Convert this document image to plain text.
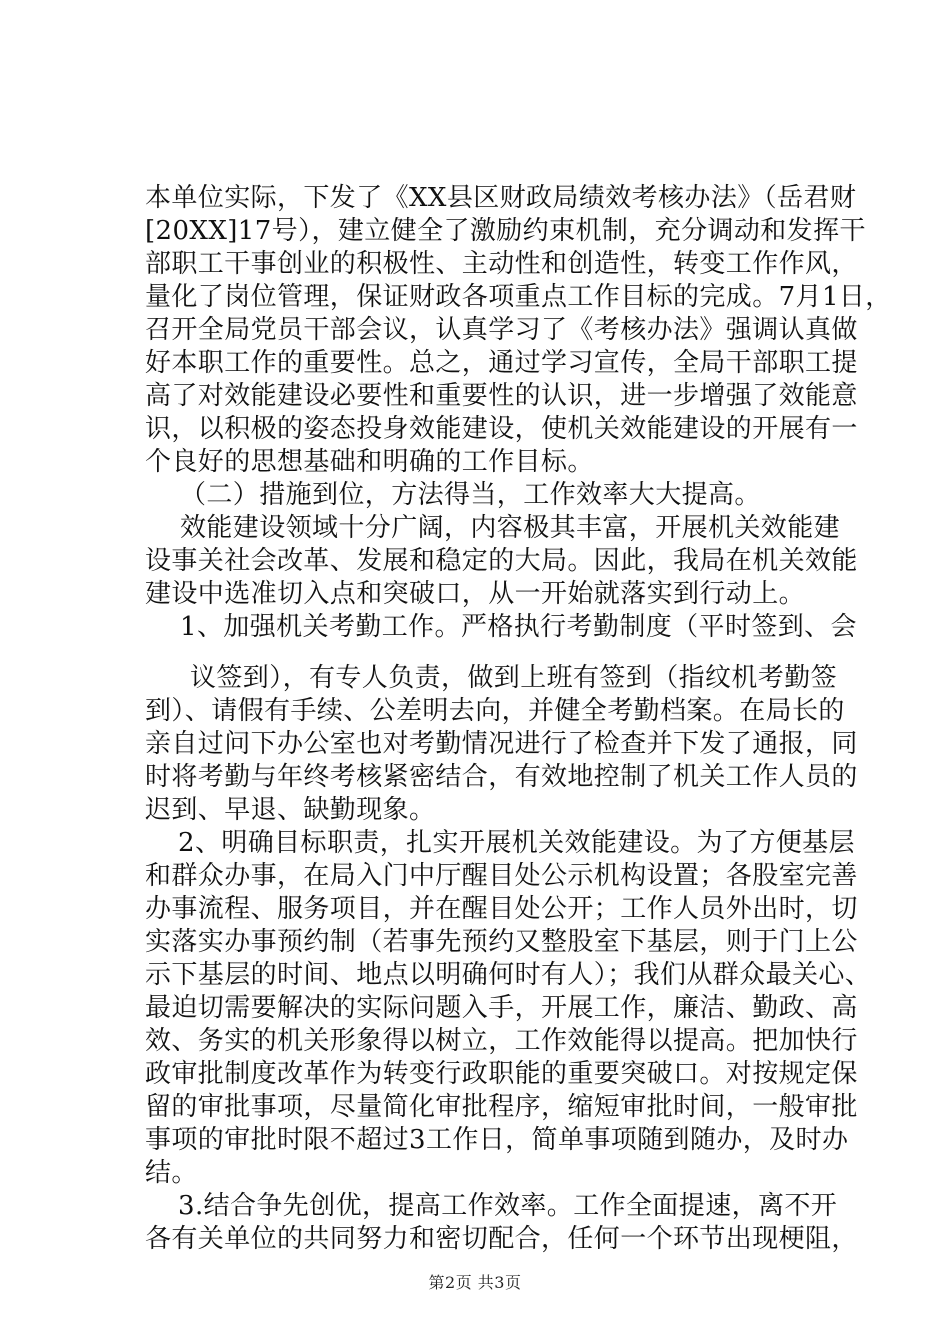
本单位实际，下发了《XX县区财政局绩效考核办法》（岳君财
[20XX]17号），建立健全了激励约束机制，充分调动和发挥干
部职工干事创业的积极性、主动性和创造性，转变工作作风，
量化了岗位管理，保证财政各项重点工作目标的完成。7月1日，
召开全局党员干部会议，认真学习了《考核办法》强调认真做
好本职工作的重要性。总之，通过学习宣传，全局干部职工提
高了对效能建设必要性和重要性的认识，进一步增强了效能意
识，以积极的姿态投身效能建设，使机关效能建设的开展有一
个良好的思想基础和明确的工作目标。
（二）措施到位，方法得当，工作效率大大提高。
效能建设领域十分广阔，内容极其丰富，开展机关效能建
设事关社会改革、发展和稳定的大局。因此，我局在机关效能
建设中选准切入点和突破口，从一开始就落实到行动上。
1、加强机关考勤工作。严格执行考勤制度（平时签到、会
议签到），有专人负责，做到上班有签到（指纹机考勤签
到）、请假有手续、公差明去向，并健全考勤档案。在局长的
亲自过问下办公室也对考勤情况进行了检查并下发了通报，同
时将考勤与年终考核紧密结合，有效地控制了机关工作人员的
迟到、早退、缺勤现象。
2、明确目标职责，扎实开展机关效能建设。为了方便基层
和群众办事，在局入门中厅醒目处公示机构设置；各股室完善
办事流程、服务项目，并在醒目处公开；工作人员外出时，切
实落实办事预约制（若事先预约又整股室下基层，则于门上公
示下基层的时间、地点以明确何时有人）；我们从群众最关心、
最迫切需要解决的实际问题入手，开展工作，廉洁、勤政、高
效、务实的机关形象得以树立，工作效能得以提高。把加快行
政审批制度改革作为转变行政职能的重要突破口。对按规定保
留的审批事项，尽量简化审批程序，缩短审批时间，一般审批
事项的审批时限不超过3工作日，简单事项随到随办，及时办
结。
3.结合争先创优，提高工作效率。工作全面提速，离不开
各有关单位的共同努力和密切配合，任何一个环节出现梗阻，
第2页 共3页
